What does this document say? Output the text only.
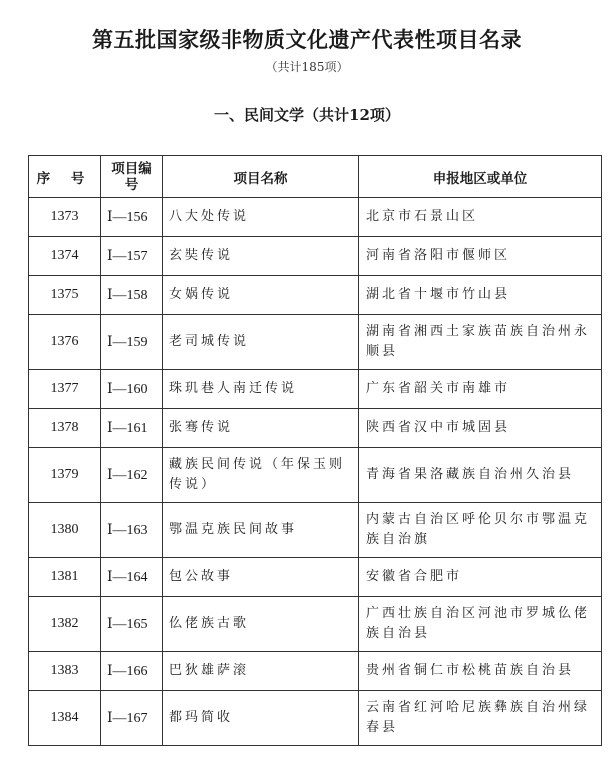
第五批国家级非物质文化遗产代表性项目名录
（共计185项）
一、民间文学（共计12项）
序 号	项目编号	项目名称	申报地区或单位
1373	Ⅰ—156	八大处传说	北京市石景山区
1374	Ⅰ—157	玄奘传说	河南省洛阳市偃师区
1375	Ⅰ—158	女娲传说	湖北省十堰市竹山县
1376	Ⅰ—159	老司城传说	湖南省湘西土家族苗族自治州永顺县
1377	Ⅰ—160	珠玑巷人南迁传说	广东省韶关市南雄市
1378	Ⅰ—161	张骞传说	陕西省汉中市城固县
1379	Ⅰ—162	藏族民间传说（年保玉则传说）	青海省果洛藏族自治州久治县
1380	Ⅰ—163	鄂温克族民间故事	内蒙古自治区呼伦贝尔市鄂温克族自治旗
1381	Ⅰ—164	包公故事	安徽省合肥市
1382	Ⅰ—165	仫佬族古歌	广西壮族自治区河池市罗城仫佬族自治县
1383	Ⅰ—166	巴狄雄萨滚	贵州省铜仁市松桃苗族自治县
1384	Ⅰ—167	都玛简收	云南省红河哈尼族彝族自治州绿春县
